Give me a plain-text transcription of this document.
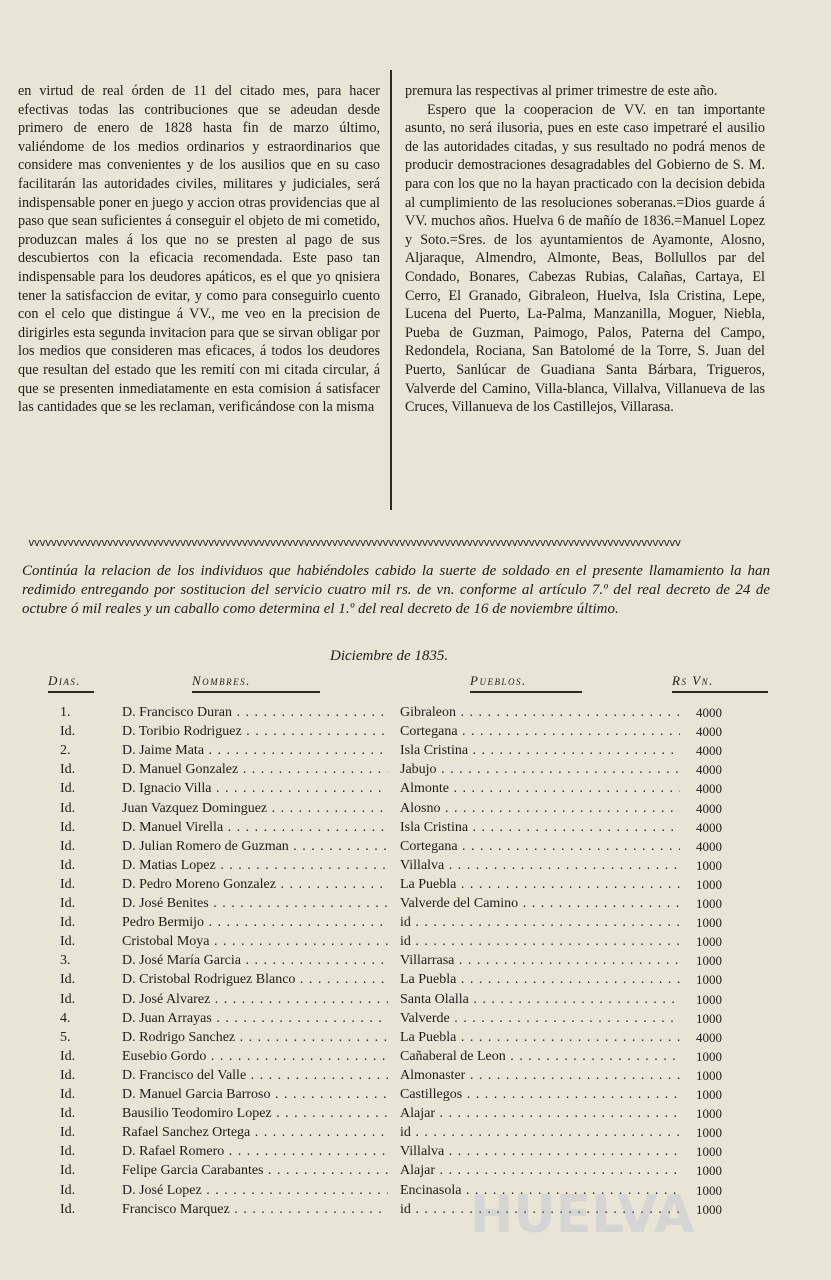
en virtud de real órden de 11 del citado mes, para hacer efectivas todas las contribuciones que se adeudan desde primero de enero de 1828 hasta fin de marzo último, valiéndome de los medios ordinarios y estraordinarios que considere mas convenientes y de los ausilios que en su caso facilitarán las autoridades civiles, militares y judiciales, será indispensable poner en juego y accion otras providencias que al paso que sean suficientes á conseguir el objeto de mi cometido, produzcan males á los que no se presten al pago de sus descubiertos con la eficacia recomendada. Este paso tan indispensable para los deudores apáticos, es el que yo qnisiera tener la satisfaccion de evitar, y como para conseguirlo cuento con el celo que distingue á VV., me veo en la precision de dirigirles esta segunda invitacion para que se sirvan obligar por los medios que consideren mas eficaces, á todos los deudores que resultan del estado que les remití con mi citada circular, á que se presenten inmediatamente en esta comision á satisfacer las cantidades que se les reclaman, verificándose con la misma

premura las respectivas al primer trimestre de este año.

Espero que la cooperacion de VV. en tan importante asunto, no será ilusoria, pues en este caso impetraré el ausilio de las autoridades citadas, y sus resultado no podrá menos de producir demostraciones desagradables del Gobierno de S. M. para con los que no la hayan practicado con la decision debida al cumplimiento de las resoluciones soberanas.=Dios guarde á VV. muchos años. Huelva 6 de mañío de 1836.=Manuel Lopez y Soto.=Sres. de los ayuntamientos de Ayamonte, Alosno, Aljaraque, Almendro, Almonte, Beas, Bollullos par del Condado, Bonares, Cabezas Rubias, Calañas, Cartaya, El Cerro, El Granado, Gibraleon, Huelva, Isla Cristina, Lepe, Lucena del Puerto, La-Palma, Manzanilla, Moguer, Niebla, Pueba de Guzman, Paimogo, Palos, Paterna del Campo, Redondela, Rociana, San Batolomé de la Torre, S. Juan del Puerto, Sanlúcar de Guadiana Santa Bárbara, Trigueros, Valverde del Camino, Villa-blanca, Villalva, Villanueva de las Cruces, Villanueva de los Castillejos, Villarasa.

vvvvvvvvvvvvvvvvvvvvvvvvvvvvvvvvvvvvvvvvvvvvvvvvvvvvvvvvvvvvvvvvvvvvvvvvvvvvvvvvvvvvvvvvvvvvvvvvvvvvvvvvvvvvvvvvvvvv
Continúa la relacion de los individuos que habiéndoles cabido la suerte de soldado en el presente llamamiento la han redimido entregando por sostitucion del servicio cuatro mil rs. de vn. conforme al artículo 7.º del real decreto de 24 de octubre ó mil reales y un caballo como determina el 1.º del real decreto de 16 de noviembre último.
Diciembre de 1835.
Dias.	Nombres.	Pueblos.	Rs Vn.
1.	D. Francisco Duran . . .	Gibraleon . . .	4000
Id.	D. Toribio Rodriguez . . .	Cortegana . . .	4000
2.	D. Jaime Mata . . .	Isla Cristina . . .	4000
Id.	D. Manuel Gonzalez . . .	Jabujo . . .	4000
Id.	D. Ignacio Villa . . .	Almonte . . .	4000
Id.	Juan Vazquez Dominguez . . .	Alosno . . .	4000
Id.	D. Manuel Virella . . .	Isla Cristina . . .	4000
Id.	D. Julian Romero de Guzman . . .	Cortegana . . .	4000
Id.	D. Matias Lopez . . .	Villalva . . .	1000
Id.	D. Pedro Moreno Gonzalez . . .	La Puebla . . .	1000
Id.	D. José Benites . . .	Valverde del Camino . . .	1000
Id.	Pedro Bermijo . . .	id . . .	1000
Id.	Cristobal Moya . . .	id . . .	1000
3.	D. José María Garcia . . .	Villarrasa . . .	1000
Id.	D. Cristobal Rodriguez Blanco . . .	La Puebla . . .	1000
Id.	D. José Alvarez . . .	Santa Olalla . . .	1000
4.	D. Juan Arrayas . . .	Valverde . . .	1000
5.	D. Rodrigo Sanchez . . .	La Puebla . . .	4000
Id.	Eusebio Gordo . . .	Cañaberal de Leon . . .	1000
Id.	D. Francisco del Valle . . .	Almonaster . . .	1000
Id.	D. Manuel Garcia Barroso . . .	Castillegos . . .	1000
Id.	Bausilio Teodomiro Lopez . . .	Alajar . . .	1000
Id.	Rafael Sanchez Ortega . . .	id . . .	1000
Id.	D. Rafael Romero . . .	Villalva . . .	1000
Id.	Felipe Garcia Carabantes . . .	Alajar . . .	1000
Id.	D. José Lopez . . .	Encinasola . . .	1000
Id.	Francisco Marquez . . .	id . . .	1000
HUELVA
